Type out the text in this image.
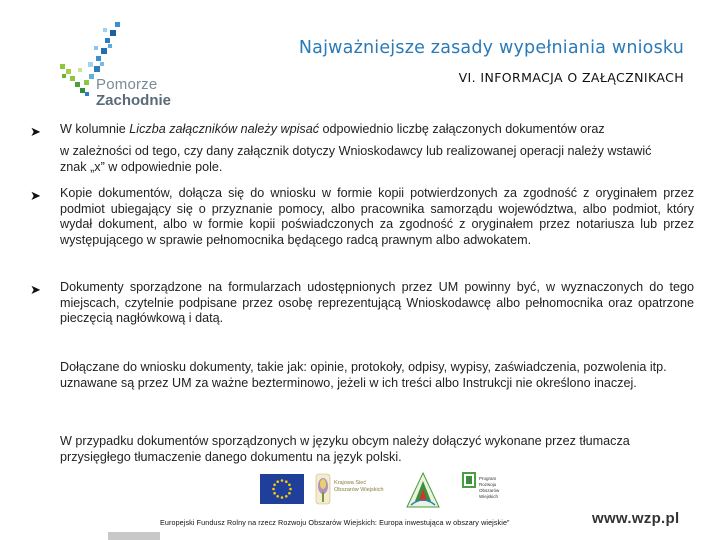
Pomorze
Zachodnie
Najważniejsze zasady wypełniania wniosku
VI. INFORMACJA O ZAŁĄCZNIKACH
➤	W kolumnie Liczba załączników należy wpisać odpowiednio liczbę załączonych dokumentów oraz
w zależności od tego, czy dany załącznik dotyczy Wnioskodawcy lub realizowanej operacji należy wstawić znak „x” w odpowiednie pole.
➤	Kopie dokumentów, dołącza się do wniosku w formie kopii potwierdzonych za zgodność z oryginałem przez podmiot ubiegający się o przyznanie pomocy, albo pracownika samorządu województwa, albo podmiot, który wydał dokument, albo w formie kopii poświadczonych za zgodność z oryginałem przez notariusza lub przez występującego w sprawie pełnomocnika będącego radcą prawnym albo adwokatem.
➤	Dokumenty sporządzone na formularzach udostępnionych przez UM powinny być, w wyznaczonych do tego miejscach, czytelnie podpisane przez osobę reprezentującą Wnioskodawcę albo pełnomocnika oraz opatrzone pieczęcią nagłówkową i datą.
Dołączane do wniosku dokumenty, takie jak: opinie, protokoły, odpisy, wypisy, zaświadczenia, pozwolenia itp. uznawane są przez UM za ważne bezterminowo, jeżeli w ich treści albo Instrukcji nie określono inaczej.
W przypadku dokumentów sporządzonych w języku obcym należy dołączyć wykonane przez tłumacza przysięgłego tłumaczenie danego dokumentu na język polski.
Krajowa Sieć
Obszarów Wiejskich
Program
Rozwoju
Obszarów
Wiejskich
Europejski Fundusz Rolny na rzecz Rozwoju Obszarów Wiejskich: Europa inwestująca w obszary wiejskie”	www.wzp.pl
